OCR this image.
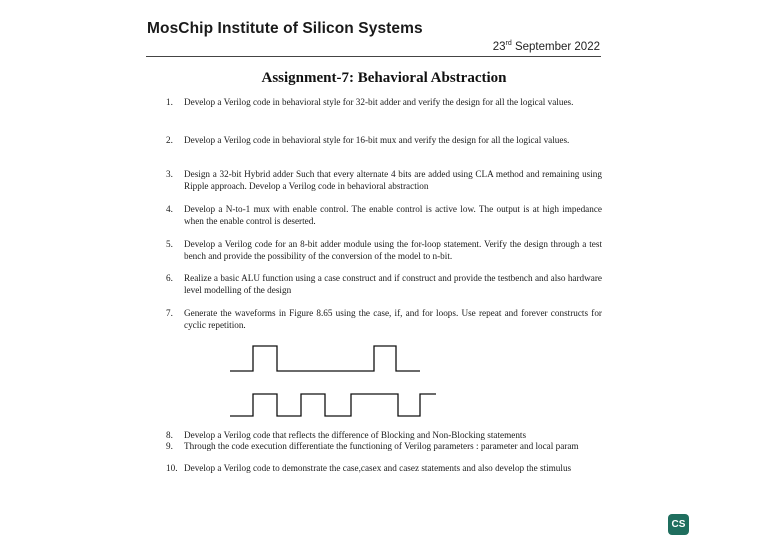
MosChip Institute of Silicon Systems
23rd September 2022
Assignment-7: Behavioral Abstraction
1. Develop a Verilog code in behavioral style for 32-bit adder and verify the design for all the logical values.
2. Develop a Verilog code in behavioral style for 16-bit mux and verify the design for all the logical values.
3. Design a 32-bit Hybrid adder Such that every alternate 4 bits are added using CLA method and remaining using Ripple approach. Develop a Verilog code in behavioral abstraction
4. Develop a N-to-1 mux with enable control. The enable control is active low. The output is at high impedance when the enable control is deserted.
5. Develop a Verilog code for an 8-bit adder module using the for-loop statement. Verify the design through a test bench and provide the possibility of the conversion of the model to n-bit.
6. Realize a basic ALU function using a case construct and if construct and provide the testbench and also hardware level modelling of the design
7. Generate the waveforms in Figure 8.65 using the case, if, and for loops. Use repeat and forever constructs for cyclic repetition.
8. Develop a Verilog code that reflects the difference of Blocking and Non-Blocking statements
9. Through the code execution differentiate the functioning of Verilog parameters : parameter and local param
10. Develop a Verilog code to demonstrate the case,casex and casez statements and also develop the stimulus
CS
